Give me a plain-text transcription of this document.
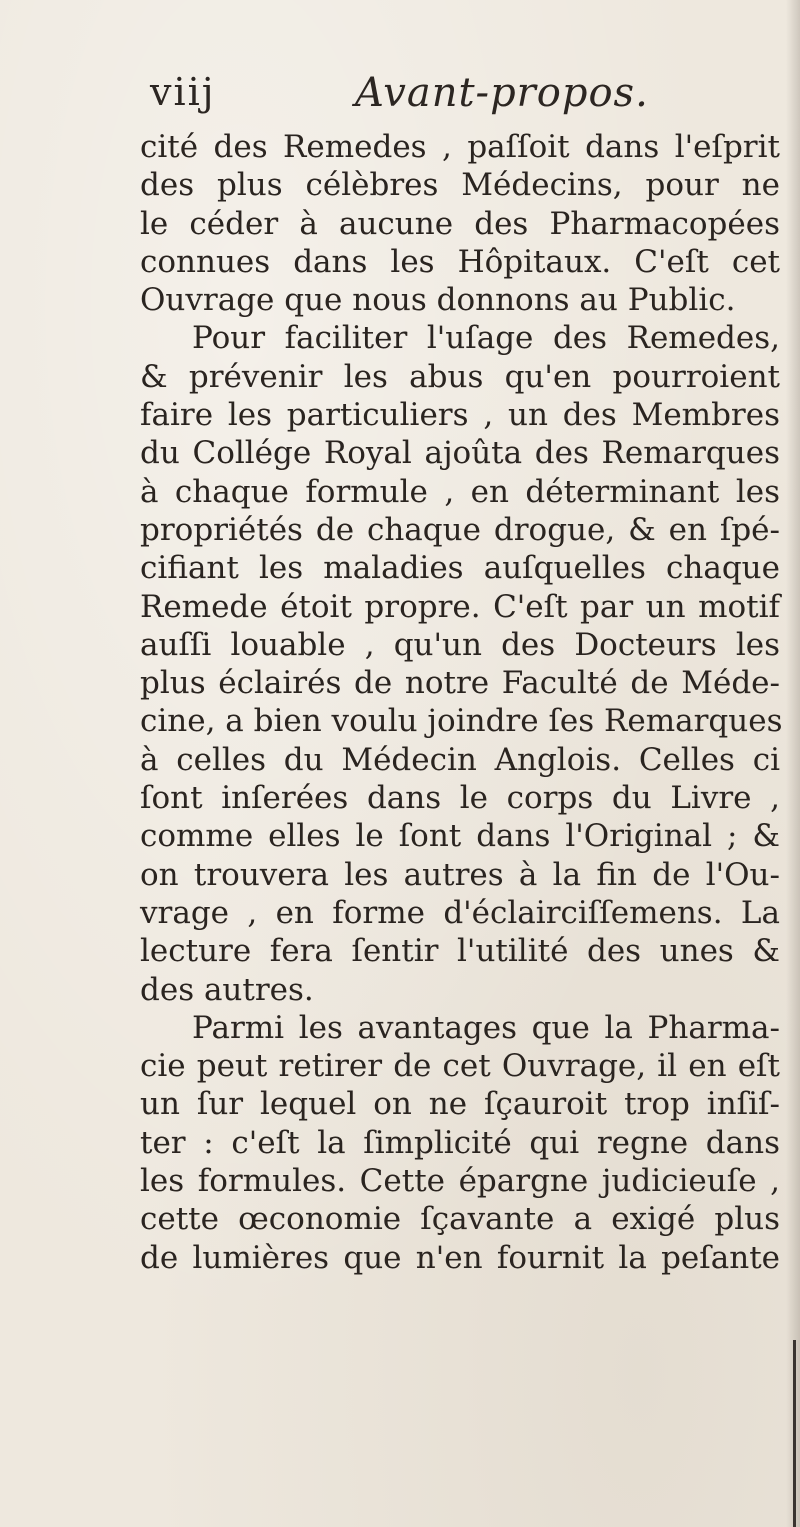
viij	Avant-propos.
cité des Remedes , paſſoit dans l'eſprit
des plus célèbres Médecins, pour ne
le céder à aucune des Pharmacopées
connues dans les Hôpitaux. C'eſt cet
Ouvrage que nous donnons au Public.
Pour faciliter l'uſage des Remedes,
& prévenir les abus qu'en pourroient
faire les particuliers , un des Membres
du Collége Royal ajoûta des Remarques
à chaque formule , en déterminant les
propriétés de chaque drogue, & en ſpé-
cifiant les maladies auſquelles chaque
Remede étoit propre. C'eſt par un motif
auſſi louable , qu'un des Docteurs les
plus éclairés de notre Faculté de Méde-
cine, a bien voulu joindre ſes Remarques
à celles du Médecin Anglois. Celles ci
ſont inſerées dans le corps du Livre ,
comme elles le ſont dans l'Original ; &
on trouvera les autres à la fin de l'Ou-
vrage , en forme d'éclairciſſemens. La
lecture fera ſentir l'utilité des unes &
des autres.
Parmi les avantages que la Pharma-
cie peut retirer de cet Ouvrage, il en eſt
un ſur lequel on ne ſçauroit trop inſiſ-
ter : c'eſt la ſimplicité qui regne dans
les formules. Cette épargne judicieuſe ,
cette œconomie ſçavante a exigé plus
de lumières que n'en fournit la peſante
